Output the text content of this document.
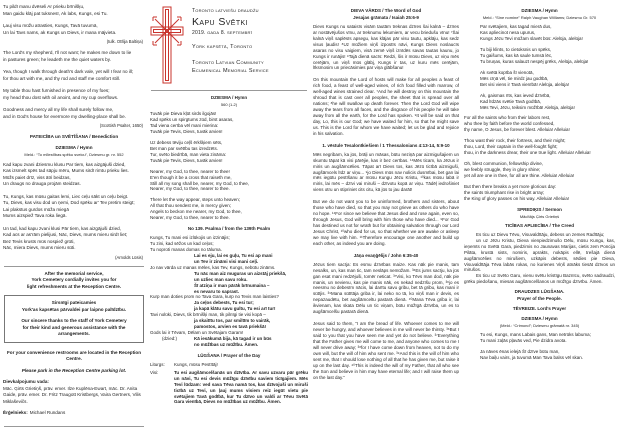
Tu pildī manu dvēseli Ar prieku brīnišķu,
Man gaidu klāj pat tuksnesī, Ak labs, Kungs, esi Tu.
Ļauj visu mūžu atrasties, Kungs, Tavā tuvumā,
Un lai Tavs nams, ak Kungs un Dievs, ir mana mājvieta.
(tulk. Otīlija Baltiņa)
The Lord's my shepherd, I'll not want; he makes me down to lie
in pastures green; he leadeth me the quiet waters by.
Yea, though I walk through death's dark vale, yet will I fear no ill;
for thou art with me, and thy rod and staff me comfort still.
My table thou hast furnished in presence of my foes;
my head thou dost with oil anoint, and my cup overflows.
Goodness and mercy all my life shall surely follow me,
and in God's house for evermore my dwelling-place shall be.
(Scottish Psalter, 1650)
PATEICĪBA un SVĒTĪŠANA / Benediction
DZIESMA / Hymn
Meld.: “To mīlestības spēku sveicu”, Dziesmu gr. nr. 552
Kad kapu zvani dziesmu klusu Par tiem, kas aizgājuši dzied,
Kas izsmelt spēs tad sāpju mēru, Mums sirdī rimtu prieku lies.
Mūžs paiet drīz, viss ātri beidzas,
Un draugs no drauga projām steidzas.
Tu, Kungs, kas mūsu gaitas lemi, Liec ceļu sākt un ceļu beigt.
Tu, Dievs, kas visu dod un ņemi, Dod spēku ar' Tev pretim steigt;
Lai plakstus gurdos mūža miegā
Mums aizspiež Tava roka liegā.
Un tad, kad kapu zvani klusi Pār tiem, kas aizgājuši dzied,
Kad acs ar as'rām pielijusi, Nāc, Dievs, mums mieru sirdī liet;
Bez Tevis krusts mūs nospiež grūti,
Nāc, miera Dievs, mums mieru sūti.
(Arnolds Lūsis)
After the memorial service,
York Cemetery cordially invites you for
light refreshments at the Reception Centre.
Sirsnīgi pateicamies
York'as kapsētas pārvaldei par laipno palīdzību.
Our sincere thanks to the staff of York Cemetery
for their kind and generous assistance with the arrangements.
For your convenience restrooms are located in the Reception Centre.
Please park in the Reception Centre parking lot.
Dievkalpojumu vada:
Māc. Ģirts Grietiņš, prāv. emer. Ilze Kuplēna-Ewart, māc. Dr. Anita Gaide, prāv. emer. Dr. Fritz Traugott Kristbergs, Vaira Gertners, Vilis Miklaševičs.
Ērģelnieks: Michael Rundans
Toronto latviešu draudžu
Kapu Svētki
2019. gada 8. septembrī
York kapsētā, Toronto
Toronto Latvian Community
Ecumenical Memorial Service
DZIESMA / Hymn
560 (1-2)
Tuvāk pie Dieva kļūt sirds ilgojās!
Kad spēks un spirgtums zūd, birst asaras,
Tad viena cerība vēl mani mierina:
Tuvāk pie Tevis, Dievs, tuvāk arvien!
Uz debess tēviju ceļš ērkšķiem sēts,
Bet man par svētību tas izredzēts.
Tur, svēto biedrībā, man vieta zināma:
Tuvāk pie Tevis, Dievs, tuvāk arvien!
Nearer, my God, to thee, nearer to thee!
E'en though it be a cross that raiseth me,
Still all my song shall be, nearer, my God, to thee,
Nearer, my God, to thee, nearer to thee.
There let the way appear, steps unto heaven;
All that thou sendest me, in mercy given;
Angels to beckon me nearer, my God, to thee,
Nearer, my God, to thee, nearer to thee.
No 139. Psalma / from the 139th Psalm
Kungs, Tu mani esi izlūkojis un izzinājis;
Tu zini, kad sēžos un kad ceļos;
Tu noproti manas domas no tāluma.
Lai es eju, lai es guļu, Tu esi ap mani
un Tev ir zināmi visi mani ceļi.
Jo nav vārda uz manas mēles, kas Tev, Kungs, nebūtu zināms.
Tu nāc man aiz muguras un aizstāj priekšā,
un uzliec man savu roku.
Šī atziņa ir man pārāk brīnumaina –
es nevaru to saprast.
Kurp man doties prom no Tava Gara, kurp no Tevis man laisties?
Ja ceļos debesīs, Tu esi tur;
ja kapā klātu savu gultu, Tu esi arī tur!
Tavi nolūki, Dievs, tik brīnišķi man, tik pilnīgi tie visi kopā –
ja skaitītu tos, par smiltīm to vairāk,
pamostos, arvien es tavā priekšā!
Gods lai ir Tēvam, Dēlam un Svētajam Garam!
(dzied:)	Kā iesākumā bija, kā tagad ir un būs
no mūžības uz mūžību. Āmen.
LŪGŠANA / Prayer of the Day
Liturgs: Kungs, mūsu Pestītāj!
Visi:	Tu esi augšāmcelšanās un dzīvība. Ar savu uzvaru pār grēku un nāvi, Tu esi devis mūžīgu dzīvību saviem ticīgajiem. Mēs Tevi lūdzam: ved sava Tēva namā tos, kas dzīvojuši un miruši ticībā uz Tevi, un ļauj mums visiem reiz iegūt vietu pie svētajiem Tavā godībā, kur Tu dzīvo un valdi ar Tēvu Svētā Gara vienībā, Dievs no mūžības uz mūžību. Āmen.
DIEVA VĀRDS / The Word of God
Jesajas grāmata / Isaiah 25:6-9
Dievs Kungs nu sataisīs visām tautām treknas dzīres šai kalnā – dzīres ar nostāvējušos vīnu, ar treknumu lekumiem, ar vecu briedušu vīnu! ⁷Šai kalnā viņš saplēsīs apsegu, kas klājas pār visu tautu, apklāju, kas sedz visus ļaudis! ⁸Uz mūžiem viņš izpostīs nāvi, Kungs Dievs noslaucīs asaras no visu vaigiem, visā zemē viņš iznīdēs savas tautas kaunu, jo Kungs ir runājis! ⁹Tajā dienā sacīs: Redzi, šis ir mūsu Dievs, uz viņu mēs cerējām, un viņš mūs glābj, Kungs ir tas, uz kuru mēs cerējām, līksmosim un priecāsimies par viņa glābšanu!
On this mountain the Lord of hosts will make for all peoples a feast of rich food, a feast of well-aged wines, of rich food filled with marrow, of well-aged wines strained clear. ⁷And he will destroy on this mountain the shroud that is cast over all peoples, the sheet that is spread over all nations; ⁸he will swallow up death forever. Then the Lord God will wipe away the tears from all faces, and the disgrace of his people he will take away from all the earth, for the Lord has spoken. ⁹It will be said on that day, Lo, this is our God; we have waited for him, so that he might save us. This is the Lord for whom we have waited; let us be glad and rejoice in his salvation.
1. vēstule Tesalonīkiešiem / 1 Thessalonians 4:13-14, 5:9-10
Mēs negribam, ka jūs, brāļi un māsas, būtu neziņā par aizmigušajiem un skumtu tāpat kā visi pārējie, kas ir bez cerības. ¹⁴Mēs ticam, ka Jēzus ir miris un augšāmcēlies. Tāpat arī Dievs tos, kas Jēzū ticībā aizmiguši, augšāmcels līdz ar viņu... ⁹jo Dievs mūs nav nolicis dusmībai, bet gan lai mēs iegūtu pestīšanu ar mūsu Kungu Jēzu Kristu, ¹⁰kas mūsu labā ir miris, lai mēs – dzīvi vai miruši – dzīvotu kopā ar viņu. Tādēļ iedrošiniet viens otru un stipriniet cits citu, kā jūs to jau darāt!
But we do not want you to be uninformed, brothers and sisters, about those who have died, so that you may not grieve as others do who have no hope. ¹⁴For since we believe that Jesus died and rose again, even so, through Jesus, God will bring with him those who have died... ⁹For God has destined us not for wrath but for obtaining salvation through our Lord Jesus Christ, ¹⁰who died for us, so that whether we are awake or asleep we may live with him. ¹¹Therefore encourage one another and build up each other, as indeed you are doing.
Jāņa evaņģēlijs / John 6:35-40
Jēzus tiem sacīja: Es esmu dzīvības maize. Kas nāk pie manis, tam nesalks, un, kas man tic, tam neslāps nemūžam. ³⁶Es jums sacīju, ka jūs gan esat mani redzējuši, tomēr neticat. ³⁷Visi, ko Tēvs man dod, nāk pie manis, un nevienu, kas pie manis nāk, es nekad nedzīšu prom, ³⁸jo es neesmu no debesīm nācis, lai darītu savu gribu, bet tā gribu, kas mani ir sūtījis. ³⁹Mana sūtītāja griba ir, lai neko no tā, ko viņš man ir devis, es nepazaudētu, bet augšāmceltu pastarā dienā. ⁴⁰Mana Tēva griba ir, lai ikvienam, kas skata Dēlu un tic viņam, būtu mūžīgā dzīvība, un es to augšāmcelšu pastarā dienā.
Jesus said to them, “I am the bread of life. Whoever comes to me will never be hungry, and whoever believes in me will never be thirsty. ³⁶But I said to you that you have seen me and yet do not believe. ³⁷Everything that the Father gives me will come to me, and anyone who comes to me I will never drive away; ³⁸for I have come down from heaven, not to do my own will, but the will of him who sent me. ³⁹And this is the will of him who sent me, that I should lose nothing of all that he has given me, but raise it up on the last day. ⁴⁰This is indeed the will of my Father, that all who see the Son and believe in him may have eternal life; and I will raise them up on the last day.”
DZIESMA / Hymn
Meld.: “Sine nomine” Ralph Vaughan Williams; Dziesmu Gr. 570
Par svētajiem, kas tagad mierā dus,
Kas apliecinot nesa upurus,
Kungs Jēzu Tevi mūžam slavēt būs: Alelūja, alelūja!
Tu biji klints, to cietoksnis un spēks,
Tu gaišums, kas kā saule tumsā lēc,
Tu bruņas, kuras salauzt nespēj grēks, Alelūja, alelūja!
Ak svētā kopība šī vienotā,
Mēs cīņā vēl, tie mirdz jau godībā,
Bet visi viens ir Tavā vienībā! Alelūja, alelūja!
Ak, gaismas rīts, kas ieved dzīvībā,
Kad līdzās svētie Tavā godībā,
Mēs Tevi, Jēzu, teiksim mūžībā! Alelūja, alelūja!
For all the saints who from their labors rest,
who thee by faith before the world confessed,
thy name, O Jesus, be forever blest. Alleluia! Alleluia!
Thou wast their rock, their fortress, and their might;
thou, Lord, their captain in the well-fought fight;
thou, in the darkness drear, their one true light. Alleluia! Alleluia!
Oh, blest communion, fellowship divine,
we feebly struggle, they in glory shine;
yet all are one in thee, for all are thine. Alleluia! Alleluia!
But then there breaks a yet more glorious day:
the saints triumphant rise in bright array;
the King of glory passes on his way. Alleluia! Alleluia!
SPREDIĶIS / Sermon
Mācītājs Ģirts Grietiņš
TICĪBAS APLIECĪBA / The Creed
Es ticu uz Dievu Tēvu, Visuvaldītāju, debess un zemes Radītāju;
un uz Jēzu Kristu, Dieva vienpiedzimušo Dēlu, mūsu Kungu, kas, ieņemts no Svētā Gara, piedzimis no Jaunavas Marijas, cietis zem Poncija Pilāta, krustā sists, nomiris, aprakts, nokāpis ellē, trešajā dienā augšāmcēlies no mirušiem, uzkāpis debesīs, sēdies pie Dieva, Visuvaldītāja Tēva labās rokas, no kurienes Viņš atnāks tiesāt dzīvos un mirušos.
Es ticu uz Svēto Garu, vienu svētu kristīgu Baznīcu, svēto sadraudzi, grēku piedošanu, miesas augšāmcelšanos un mūžīgo dzīvību. Āmen.
DRAUDZES LŪGŠANA.
Prayer of the People.
TĒVREIZE. Lord's Prayer
DZIESMA / Hymn
(Meld.: “Crimond”; Dziesmu grāmatā nr. 345)
Tu esi, Kungs, mans Labais gans, Man netrūks labuma;
Tu mani zaļās pļavās ved, Pie dzidra avota.
Ja nāves ēnas ielejā Šī dzīve būtu man,
Nav baiļu vairs, ja tuvumā Man Tava balss vēl skan.
